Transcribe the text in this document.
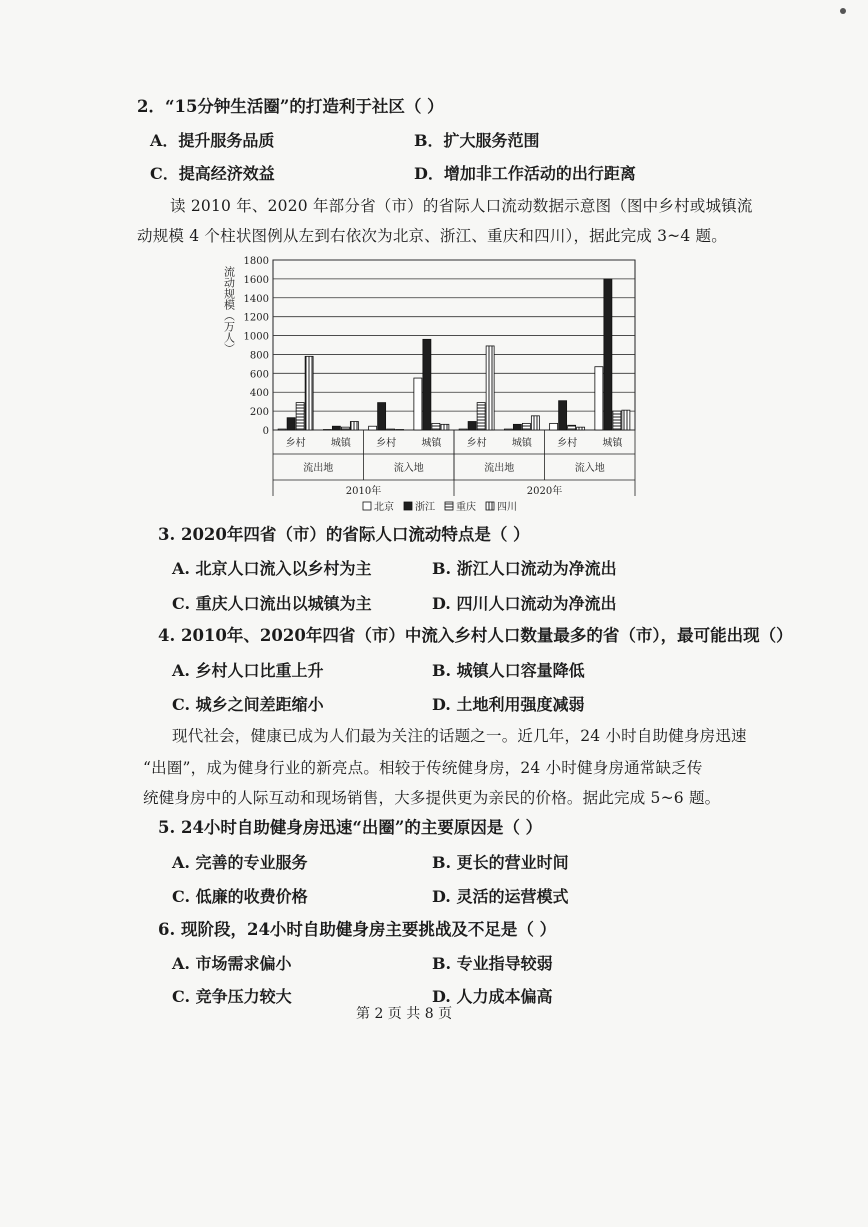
2．“15分钟生活圈”的打造利于社区（ ）
A．提升服务品质	B．扩大服务范围
C．提高经济效益	D．增加非工作活动的出行距离
读 2010 年、2020 年部分省（市）的省际人口流动数据示意图（图中乡村或城镇流
动规模 4 个柱状图例从左到右依次为北京、浙江、重庆和四川），据此完成 3~4 题。
0
200
400
600
800
1000
1200
1400
1600
1800
流动规模（万人）
乡村	城镇	乡村	城镇	乡村	城镇	乡村	城镇
流出地	流入地	流出地	流入地
2010年	2020年
北京 浙江 重庆 四川
3. 2020年四省（市）的省际人口流动特点是（ ）
A. 北京人口流入以乡村为主	B. 浙江人口流动为净流出
C. 重庆人口流出以城镇为主	D. 四川人口流动为净流出
4. 2010年、2020年四省（市）中流入乡村人口数量最多的省（市），最可能出现（）
A. 乡村人口比重上升	B. 城镇人口容量降低
C. 城乡之间差距缩小	D. 土地利用强度减弱
现代社会，健康已成为人们最为关注的话题之一。近几年，24 小时自助健身房迅速
“出圈”，成为健身行业的新亮点。相较于传统健身房，24 小时健身房通常缺乏传
统健身房中的人际互动和现场销售，大多提供更为亲民的价格。据此完成 5~6 题。
5. 24小时自助健身房迅速“出圈”的主要原因是（ ）
A. 完善的专业服务	B. 更长的营业时间
C. 低廉的收费价格	D. 灵活的运营模式
6. 现阶段，24小时自助健身房主要挑战及不足是（ ）
A. 市场需求偏小	B. 专业指导较弱
C. 竞争压力较大	D. 人力成本偏高
第 2 页 共 8 页
